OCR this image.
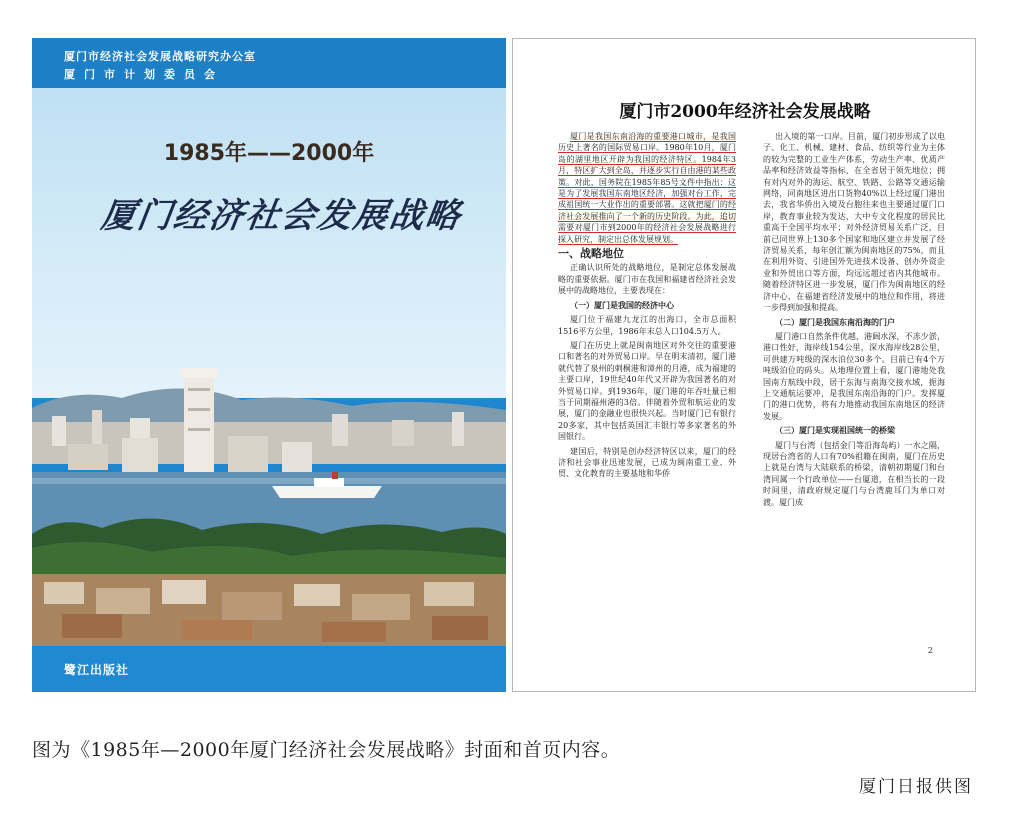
厦门市经济社会发展战略研究办公室
厦门市计划委员会
1985年——2000年
厦门经济社会发展战略
鹭江出版社
厦门市2000年经济社会发展战略

厦门是我国东南沿海的重要港口城市，是我国历史上著名的国际贸易口岸。1980年10月，厦门岛的湖里地区开辟为我国的经济特区。1984年3月，特区扩大到全岛，并逐步实行自由港的某些政策。对此，国务院在1985年85号文件中指出：这是为了发展我国东南地区经济，加强对台工作，完成祖国统一大业作出的重要部署。这就把厦门的经济社会发展推向了一个新的历史阶段。为此，追切需要对厦门市到2000年的经济社会发展战略进行探入研究，制定出总体发展规划。

一、战略地位

正确认识所处的战略地位，是制定总体发展战略的重要依据。厦门市在我国和福建省经济社会发展中的战略地位，主要表现在：

（一）厦门是我国的经济中心

厦门位于福建九龙江的出海口，全市总面积1516平方公里，1986年末总人口104.5万人。

厦门在历史上就是闽南地区对外交往的重要港口和著名的对外贸易口岸。早在明末清初，厦门港就代替了泉州的刺桐港和漳州的月港，成为福建的主要口岸，19世纪40年代又开辟为我国著名的对外贸易口岸。到1936年，厦门港的年吞吐量已相当于同期福州港的3倍。伴随着外贸和航运业的发展，厦门的金融业也很快兴起。当时厦门已有银行20多家，其中包括英国汇丰银行等多家著名的外国银行。

建国后，特别是创办经济特区以来，厦门的经济和社会事业迅速发展，已成为闽南重工业、外贸、文化教育的主要基地和华侨

出入境的第一口岸。目前，厦门初步形成了以电子、化工、机械、建材、食品、纺织等行业为主体的较为完整的工业生产体系，劳动生产率、优质产品率和经济效益等指标，在全省居于领先地位；拥有对内对外的海运、航空、铁路、公路等交通运输网络，同南地区进出口货物40%以上经过厦门港出去，我省华侨出入境及台胞往来也主要通过厦门口岸，教育事业较为发达，大中专文化程度的居民比重高于全国平均水平；对外经济贸易关系广泛，目前已同世界上130多个国家和地区建立并发展了经济贸易关系，每年创汇额为闽南地区的75%，而且在利用外资、引进国外先进技术设备、创办外资企业和外贸出口等方面，均远远超过省内其他城市。随着经济特区进一步发展，厦门作为闽南地区的经济中心，在福建省经济发展中的地位和作用，将进一步得到加强和提高。

（二）厦门是我国东南沿海的门户

厦门港口自然条件优越，港阔水深，不冻少淤，港口性好，海岸线154公里，深水海岸线28公里，可供建万吨级的深水泊位30多个。目前已有4个万吨级泊位的码头。从地理位置上看，厦门港地处我国南方航线中段，居于东海与南海交接水域，扼海上交通航运要冲，是我国东南沿海的门户。发挥厦门的港口优势，将有力地推动我国东南地区的经济发展。

（三）厦门是实现祖国统一的桥梁

厦门与台湾（包括金门等沿海岛屿）一水之隔，现居台湾省的人口有70%祖籍在闽南，厦门在历史上就是台湾与大陆联系的桥梁，清朝初期厦门和台湾同属一个行政单位——台厦道，在相当长的一段时间里，清政府规定厦门与台湾鹿耳门为单口对渡。厦门成

2
图为《1985年—2000年厦门经济社会发展战略》封面和首页内容。
厦门日报供图
